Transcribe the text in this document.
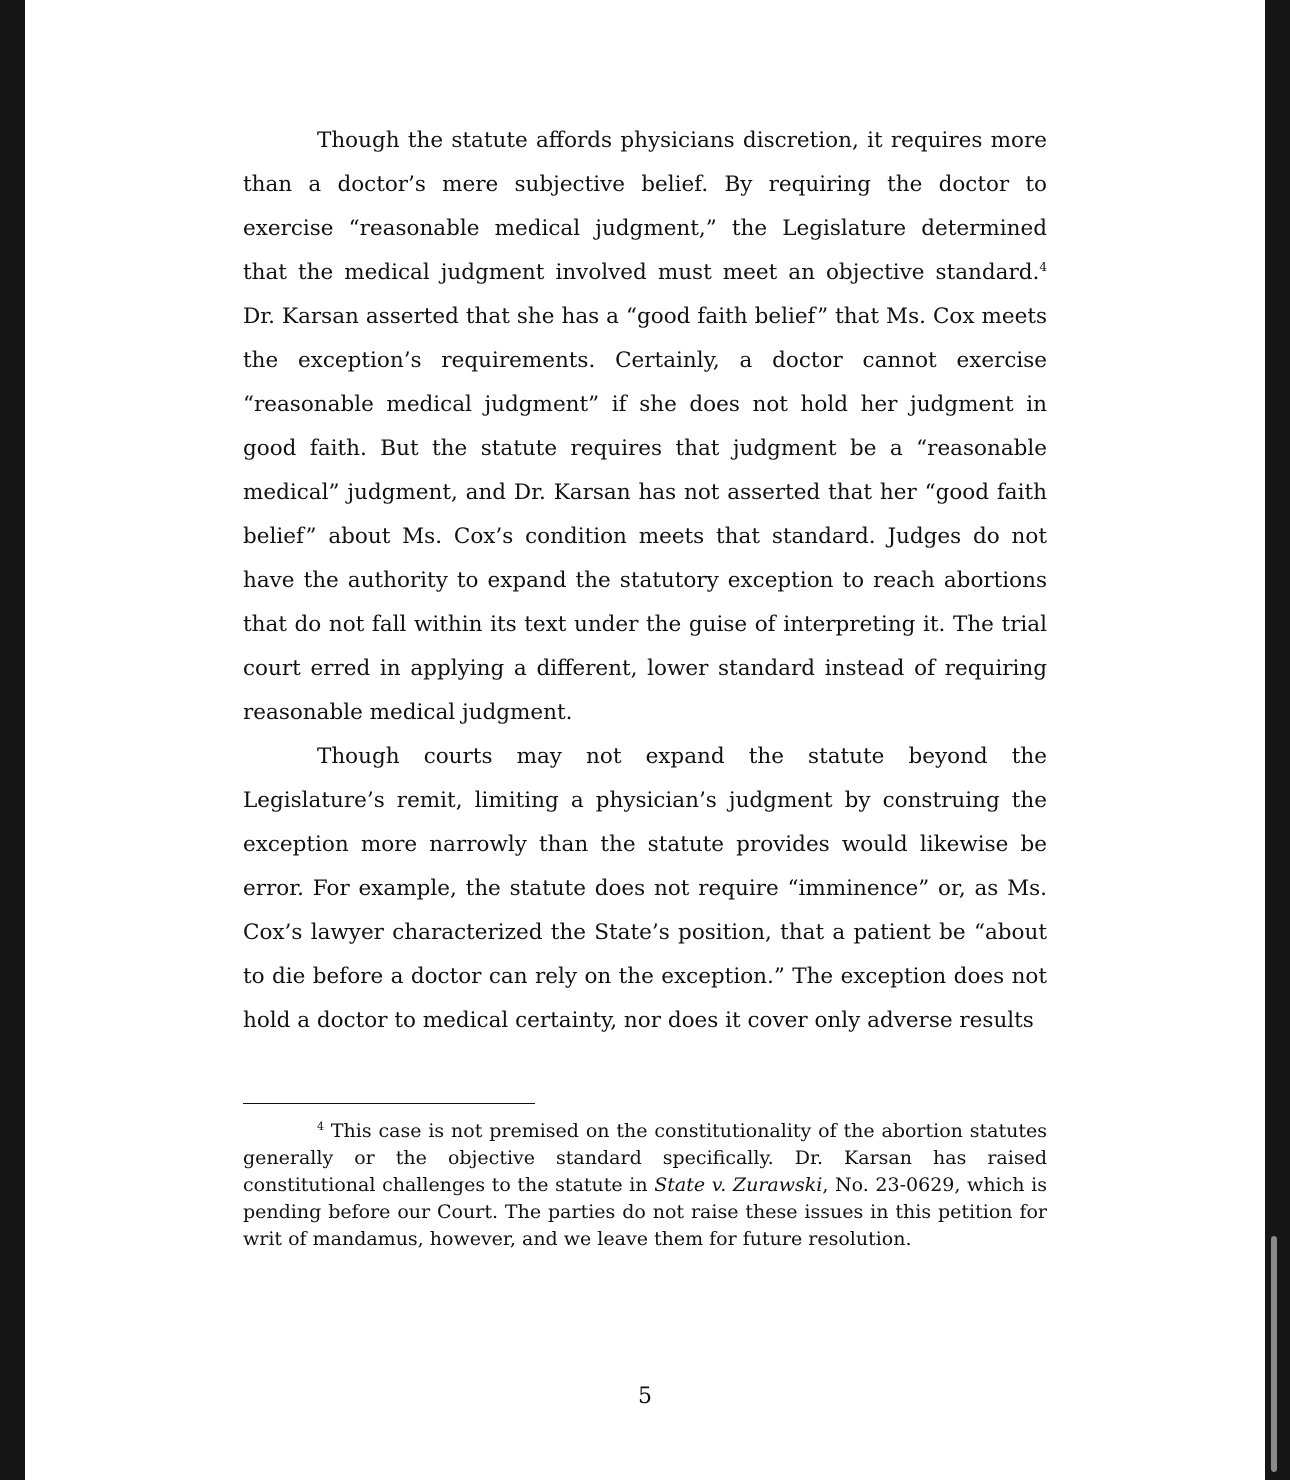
Though the statute affords physicians discretion, it requires more than a doctor’s mere subjective belief. By requiring the doctor to exercise “reasonable medical judgment,” the Legislature determined that the medical judgment involved must meet an objective standard.$^4$ Dr. Karsan asserted that she has a “good faith belief” that Ms. Cox meets the exception’s requirements. Certainly, a doctor cannot exercise “reasonable medical judgment” if she does not hold her judgment in good faith. But the statute requires that judgment be a “reasonable medical” judgment, and Dr. Karsan has not asserted that her “good faith belief” about Ms. Cox’s condition meets that standard. Judges do not have the authority to expand the statutory exception to reach abortions that do not fall within its text under the guise of interpreting it. The trial court erred in applying a different, lower standard instead of requiring reasonable medical judgment.

Though courts may not expand the statute beyond the Legislature’s remit, limiting a physician’s judgment by construing the exception more narrowly than the statute provides would likewise be error. For example, the statute does not require “imminence” or, as Ms. Cox’s lawyer characterized the State’s position, that a patient be “about to die before a doctor can rely on the exception.” The exception does not hold a doctor to medical certainty, nor does it cover only adverse results

$^4$ This case is not premised on the constitutionality of the abortion statutes generally or the objective standard specifically. Dr. Karsan has raised constitutional challenges to the statute in State v. Zurawski, No. 23-0629, which is pending before our Court. The parties do not raise these issues in this petition for writ of mandamus, however, and we leave them for future resolution.

5
